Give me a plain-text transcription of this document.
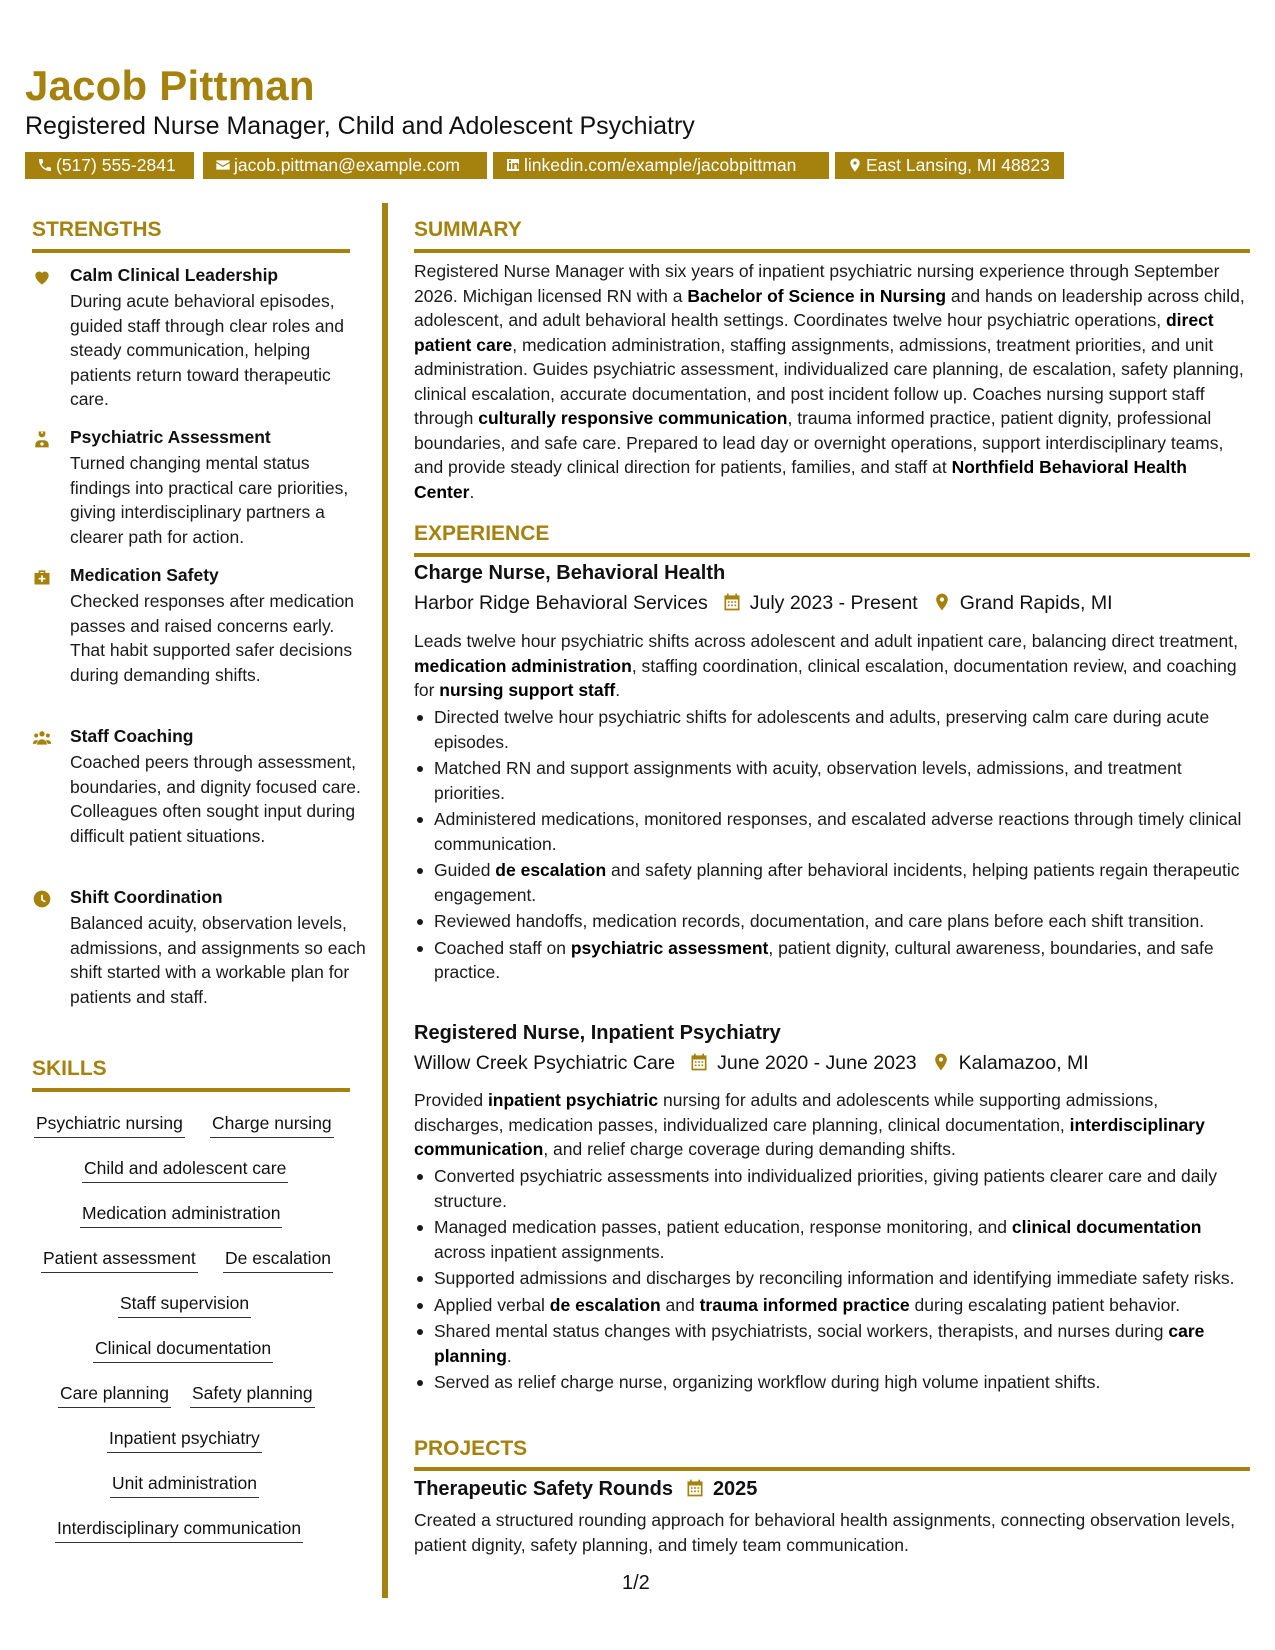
Jacob Pittman
Registered Nurse Manager, Child and Adolescent Psychiatry
(517) 555-2841	jacob.pittman@example.com	linkedin.com/example/jacobpittman	East Lansing, MI 48823
STRENGTHS
Calm Clinical Leadership
During acute behavioral episodes, guided staff through clear roles and steady communication, helping patients return toward therapeutic care.
Psychiatric Assessment
Turned changing mental status findings into practical care priorities, giving interdisciplinary partners a clearer path for action.
Medication Safety
Checked responses after medication passes and raised concerns early. That habit supported safer decisions during demanding shifts.
Staff Coaching
Coached peers through assessment, boundaries, and dignity focused care. Colleagues often sought input during difficult patient situations.
Shift Coordination
Balanced acuity, observation levels, admissions, and assignments so each shift started with a workable plan for patients and staff.
SKILLS
Psychiatric nursing Charge nursing
Child and adolescent care
Medication administration
Patient assessment De escalation
Staff supervision
Clinical documentation
Care planning Safety planning
Inpatient psychiatry
Unit administration
Interdisciplinary communication
SUMMARY
Registered Nurse Manager with six years of inpatient psychiatric nursing experience through September 2026. Michigan licensed RN with a Bachelor of Science in Nursing and hands on leadership across child, adolescent, and adult behavioral health settings. Coordinates twelve hour psychiatric operations, direct patient care, medication administration, staffing assignments, admissions, treatment priorities, and unit administration. Guides psychiatric assessment, individualized care planning, de escalation, safety planning, clinical escalation, accurate documentation, and post incident follow up. Coaches nursing support staff through culturally responsive communication, trauma informed practice, patient dignity, professional boundaries, and safe care. Prepared to lead day or overnight operations, support interdisciplinary teams, and provide steady clinical direction for patients, families, and staff at Northfield Behavioral Health Center.
EXPERIENCE
Charge Nurse, Behavioral Health
Harbor Ridge Behavioral Services July 2023 - Present Grand Rapids, MI
Leads twelve hour psychiatric shifts across adolescent and adult inpatient care, balancing direct treatment, medication administration, staffing coordination, clinical escalation, documentation review, and coaching for nursing support staff.
Directed twelve hour psychiatric shifts for adolescents and adults, preserving calm care during acute episodes.
Matched RN and support assignments with acuity, observation levels, admissions, and treatment priorities.
Administered medications, monitored responses, and escalated adverse reactions through timely clinical communication.
Guided de escalation and safety planning after behavioral incidents, helping patients regain therapeutic engagement.
Reviewed handoffs, medication records, documentation, and care plans before each shift transition.
Coached staff on psychiatric assessment, patient dignity, cultural awareness, boundaries, and safe practice.
Registered Nurse, Inpatient Psychiatry
Willow Creek Psychiatric Care June 2020 - June 2023 Kalamazoo, MI
Provided inpatient psychiatric nursing for adults and adolescents while supporting admissions, discharges, medication passes, individualized care planning, clinical documentation, interdisciplinary communication, and relief charge coverage during demanding shifts.
Converted psychiatric assessments into individualized priorities, giving patients clearer care and daily structure.
Managed medication passes, patient education, response monitoring, and clinical documentation across inpatient assignments.
Supported admissions and discharges by reconciling information and identifying immediate safety risks.
Applied verbal de escalation and trauma informed practice during escalating patient behavior.
Shared mental status changes with psychiatrists, social workers, therapists, and nurses during care planning.
Served as relief charge nurse, organizing workflow during high volume inpatient shifts.
PROJECTS
Therapeutic Safety Rounds 2025
Created a structured rounding approach for behavioral health assignments, connecting observation levels, patient dignity, safety planning, and timely team communication.
1/2
